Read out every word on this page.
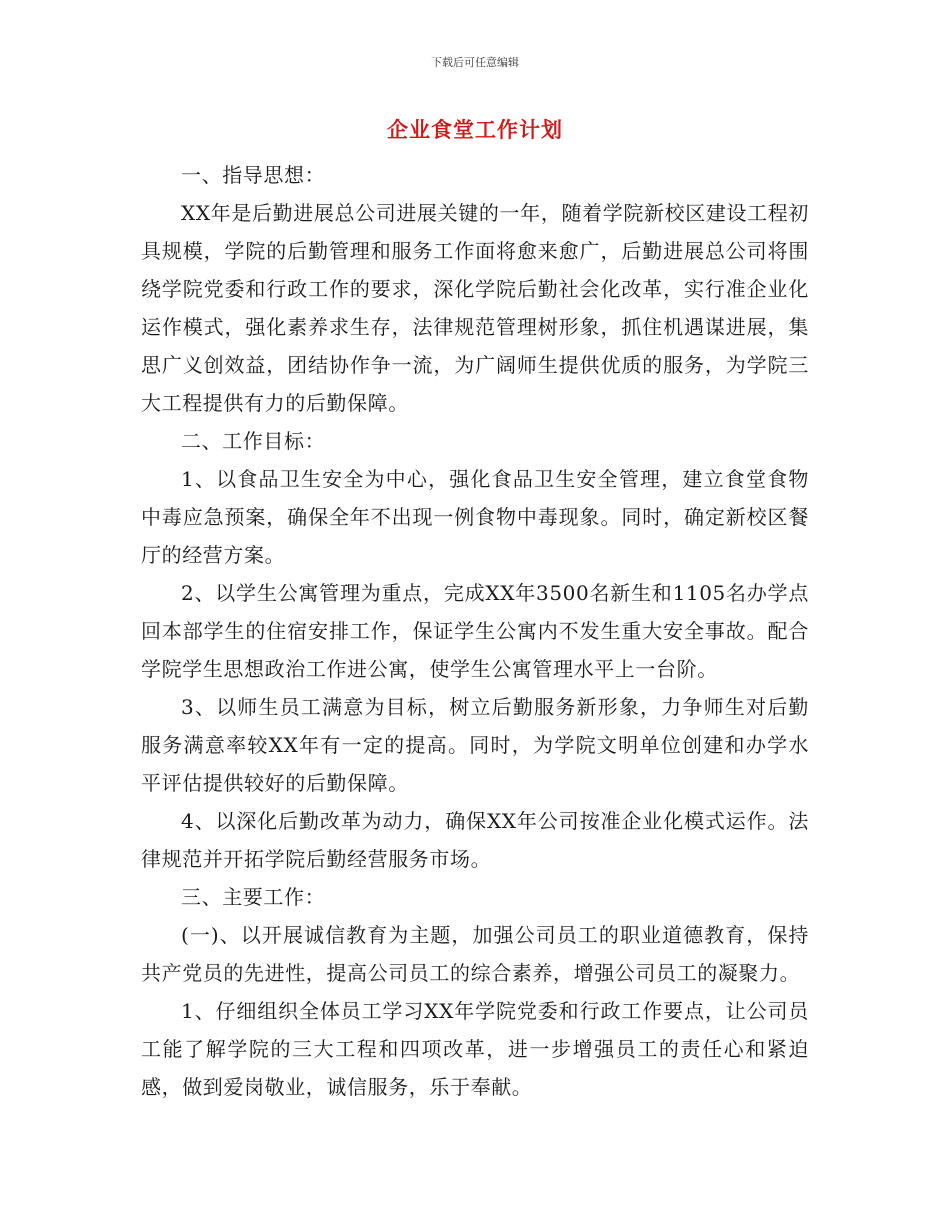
下载后可任意编辑
企业食堂工作计划

一、指导思想：

XX年是后勤进展总公司进展关键的一年，随着学院新校区建设工程初具规模，学院的后勤管理和服务工作面将愈来愈广，后勤进展总公司将围绕学院党委和行政工作的要求，深化学院后勤社会化改革，实行准企业化运作模式，强化素养求生存，法律规范管理树形象，抓住机遇谋进展，集思广义创效益，团结协作争一流，为广阔师生提供优质的服务，为学院三大工程提供有力的后勤保障。

二、工作目标：

1、以食品卫生安全为中心，强化食品卫生安全管理，建立食堂食物中毒应急预案，确保全年不出现一例食物中毒现象。同时，确定新校区餐厅的经营方案。

2、以学生公寓管理为重点，完成XX年3500名新生和1105名办学点回本部学生的住宿安排工作，保证学生公寓内不发生重大安全事故。配合学院学生思想政治工作进公寓，使学生公寓管理水平上一台阶。

3、以师生员工满意为目标，树立后勤服务新形象，力争师生对后勤服务满意率较XX年有一定的提高。同时，为学院文明单位创建和办学水平评估提供较好的后勤保障。

4、以深化后勤改革为动力，确保XX年公司按准企业化模式运作。法律规范并开拓学院后勤经营服务市场。

三、主要工作：

(一)、以开展诚信教育为主题，加强公司员工的职业道德教育，保持共产党员的先进性，提高公司员工的综合素养，增强公司员工的凝聚力。

1、仔细组织全体员工学习XX年学院党委和行政工作要点，让公司员工能了解学院的三大工程和四项改革，进一步增强员工的责任心和紧迫感，做到爱岗敬业，诚信服务，乐于奉献。
